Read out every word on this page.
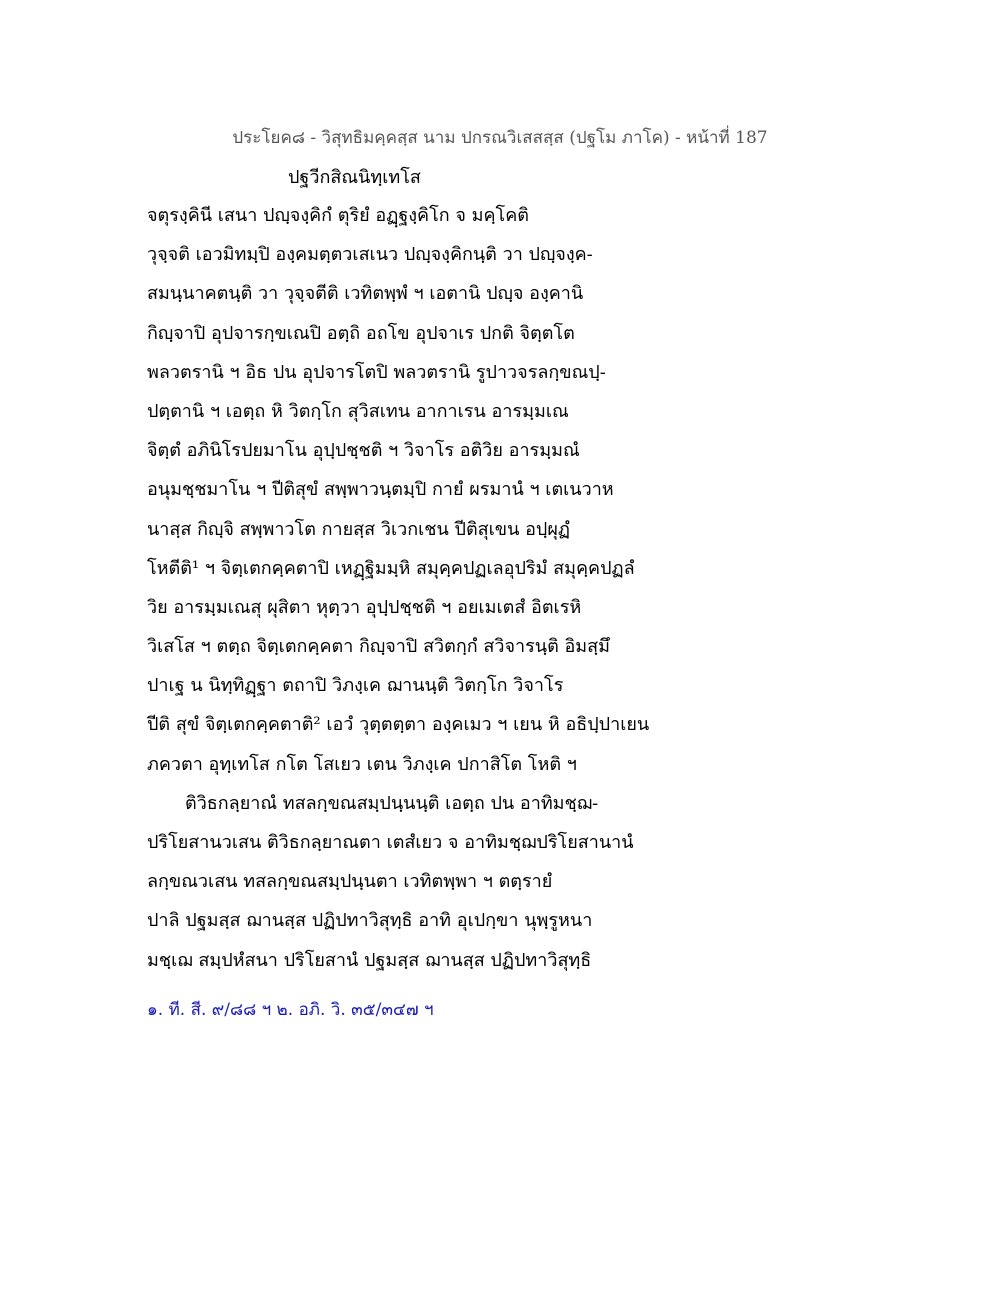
ประโยค๘ - วิสุทธิมคฺคสฺส นาม ปกรณวิเสสสฺส (ปฐโม ภาโค) - หน้าที่ 187
ปฐวีกสิณนิทฺเทโส
จตุรงฺคินี เสนา ปญฺจงฺคิกํ ตุริยํ อฏฺฐงฺคิโก จ มคฺโคติ
วุจฺจติ เอวมิทมฺปิ องฺคมตฺตวเสเนว ปญฺจงฺคิกนฺติ วา ปญฺจงฺค-
สมนฺนาคตนฺติ วา วุจฺจตีติ เวทิตพฺพํ ฯ เอตานิ ปญฺจ องฺคานิ
กิญฺจาปิ อุปจารกฺขเณปิ อตฺถิ อถโข อุปจาเร ปกติ จิตฺตโต
พลวตรานิ ฯ อิธ ปน อุปจารโตปิ พลวตรานิ รูปาวจรลกฺขณปฺ-
ปตฺตานิ ฯ เอตฺถ หิ วิตกฺโก สุวิสเทน อากาเรน อารมฺมเณ
จิตฺตํ อภินิโรปยมาโน อุปฺปชฺชติ ฯ วิจาโร อติวิย อารมฺมณํ
อนุมชฺชมาโน ฯ ปีติสุขํ สพฺพาวนฺตมฺปิ กายํ ผรมานํ ฯ เตเนวาห
นาสฺส กิญฺจิ สพฺพาวโต กายสฺส วิเวกเชน ปีติสุเขน อปฺผุฏํ
โหตีติ¹ ฯ จิตฺเตกคฺคตาปิ เหฏฺฐิมมฺหิ สมุคฺคปฏเลอุปริมํ สมุคฺคปฏลํ
วิย อารมฺมเณสุ ผุสิตา หุตฺวา อุปฺปชฺชติ ฯ อยเมเตสํ อิตเรหิ
วิเสโส ฯ ตตฺถ จิตฺเตกคฺคตา กิญฺจาปิ สวิตกฺกํ สวิจารนฺติ อิมสฺมึ
ปาเฐ น นิทฺทิฏฺฐา ตถาปิ วิภงฺเค ฌานนฺติ วิตกฺโก วิจาโร
ปีติ สุขํ จิตฺเตกคฺคตาติ² เอวํ วุตฺตตฺตา องฺคเมว ฯ เยน หิ อธิปฺปาเยน
ภควตา อุทฺเทโส กโต โสเยว เตน วิภงฺเค ปกาสิโต โหติ ฯ
ติวิธกลฺยาณํ ทสลกฺขณสมฺปนฺนนฺติ เอตฺถ ปน อาทิมชฺฌ-
ปริโยสานวเสน ติวิธกลฺยาณตา เตสํเยว จ อาทิมชฺฌปริโยสานานํ
ลกฺขณวเสน ทสลกฺขณสมฺปนฺนตา เวทิตพฺพา ฯ ตตฺรายํ
ปาลิ ปฐมสฺส ฌานสฺส ปฏิปทาวิสุทฺธิ อาทิ อุเปกฺขา นุพฺรูหนา
มชฺเฌ สมฺปหํสนา ปริโยสานํ ปฐมสฺส ฌานสฺส ปฏิปทาวิสุทฺธิ
๑. ที. สี. ๙/๘๘ ฯ ๒. อภิ. วิ. ๓๕/๓๔๗ ฯ
